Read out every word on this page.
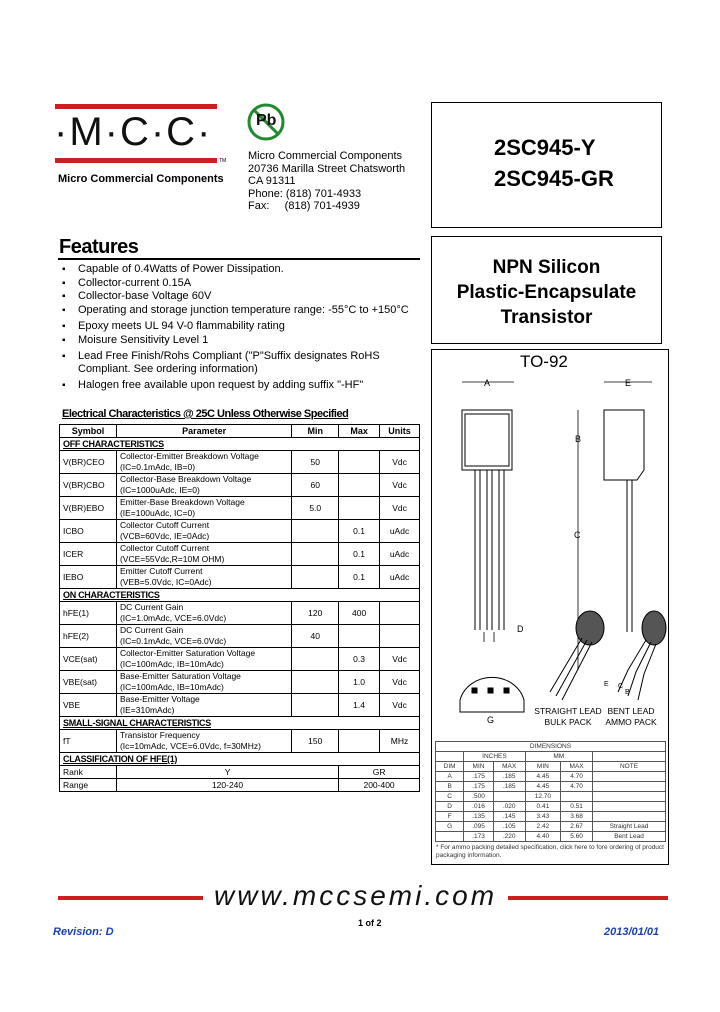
·M·C·C·
TM
Micro Commercial Components
Pb
Micro Commercial Components
20736 Marilla Street Chatsworth
CA 91311
Phone: (818) 701-4933
Fax:     (818) 701-4939
2SC945-Y
2SC945-GR
NPN Silicon
Plastic-Encapsulate
Transistor
Features
▪ Capable of 0.4Watts of Power Dissipation.
▪ Collector-current 0.15A
▪ Collector-base Voltage 60V
▪ Operating and storage junction temperature range: -55°C to +150°C
▪ Epoxy meets UL 94 V-0 flammability rating
▪ Moisure Sensitivity Level 1
▪ Lead Free Finish/Rohs Compliant ("P"Suffix designates RoHS Compliant. See ordering information)
▪ Halogen free available upon request by adding suffix "-HF"
Electrical Characteristics @ 25C Unless Otherwise Specified
Symbol	Parameter	Min	Max	Units
OFF CHARACTERISTICS				
V(BR)CEO	Collector-Emitter Breakdown Voltage
(IC=0.1mAdc, IB=0)	50		Vdc
V(BR)CBO	Collector-Base Breakdown Voltage
(IC=1000uAdc, IE=0)	60		Vdc
V(BR)EBO	Emitter-Base Breakdown Voltage
(IE=100uAdc, IC=0)	5.0		Vdc
ICBO	Collector Cutoff Current
(VCB=60Vdc, IE=0Adc)		0.1	uAdc
ICER	Collector Cutoff Current
(VCE=55Vdc,R=10M OHM)		0.1	uAdc
IEBO	Emitter Cutoff Current
(VEB=5.0Vdc, IC=0Adc)		0.1	uAdc
ON CHARACTERISTICS				
hFE(1)	DC Current Gain
(IC=1.0mAdc, VCE=6.0Vdc)	120	400	
hFE(2)	DC Current Gain
(IC=0.1mAdc, VCE=6.0Vdc)	40		
VCE(sat)	Collector-Emitter Saturation Voltage
(IC=100mAdc, IB=10mAdc)		0.3	Vdc
VBE(sat)	Base-Emitter Saturation Voltage
(IC=100mAdc, IB=10mAdc)		1.0	Vdc
VBE	Base-Emitter Voltage
(IE=310mAdc)		1.4	Vdc
SMALL-SIGNAL CHARACTERISTICS				
fT	Transistor Frequency
(Ic=10mAdc, VCE=6.0Vdc, f=30MHz)	150		MHz
CLASSIFICATION OF HFE(1)				
Rank	Y		GR	
Range	120-240		200-400	
TO-92
A	E
B
C
D
G
E
B
C
STRAIGHT LEAD BULK PACK
BENT LEAD AMMO PACK
DIMENSIONS					
	INCHES		MM		
DIM	MIN	MAX	MIN	MAX	NOTE
A	.175	.185	4.45	4.70	
B	.175	.185	4.45	4.70	
C	.500		12.70		
D	.016	.020	0.41	0.51	
F	.135	.145	3.43	3.68	
G	.095	.105	2.42	2.67	Straight Lead
	.173	.220	4.40	5.60	Bent Lead
* For ammo packing detailed specification, click here to fore ordering of product packaging information.
www.mccsemi.com
Revision: D
1 of 2
2013/01/01
